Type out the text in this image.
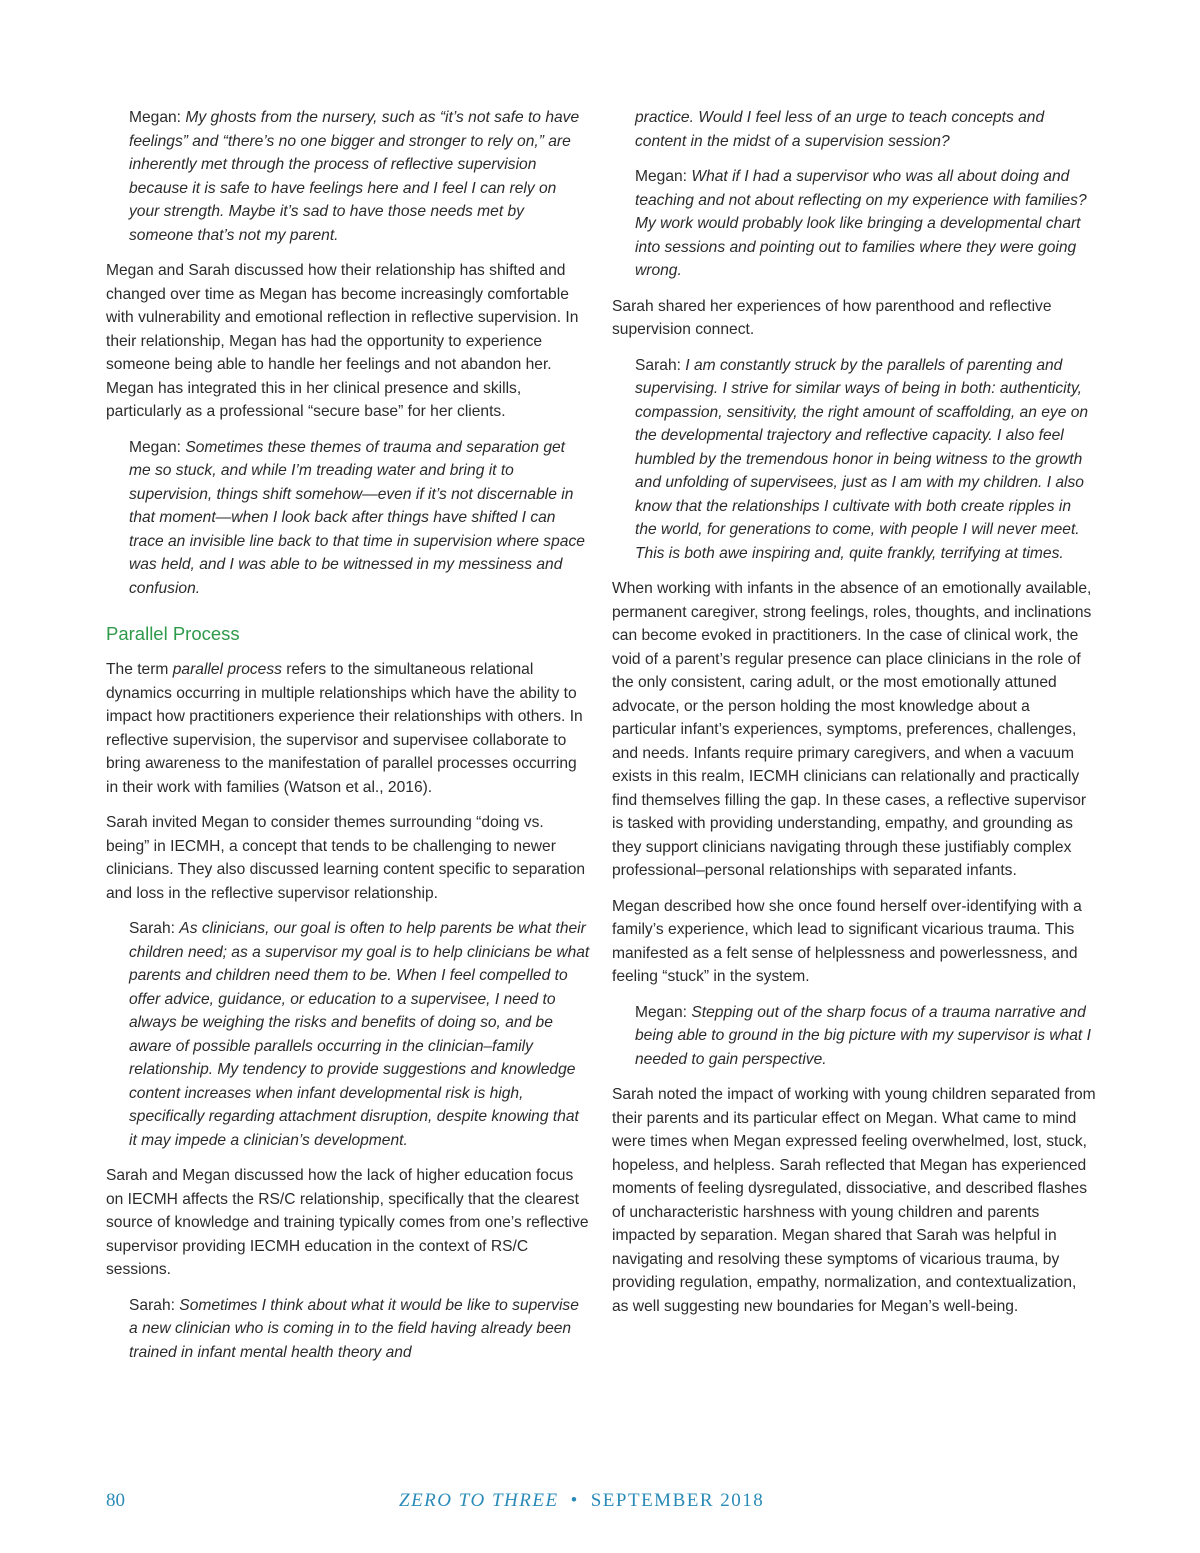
Megan: My ghosts from the nursery, such as “it’s not safe to have feelings” and “there’s no one bigger and stronger to rely on,” are inherently met through the process of reflective supervision because it is safe to have feelings here and I feel I can rely on your strength. Maybe it’s sad to have those needs met by someone that’s not my parent.

Megan and Sarah discussed how their relationship has shifted and changed over time as Megan has become increasingly comfortable with vulnerability and emotional reflection in reflective supervision. In their relationship, Megan has had the opportunity to experience someone being able to handle her feelings and not abandon her. Megan has integrated this in her clinical presence and skills, particularly as a professional “secure base” for her clients.

Megan: Sometimes these themes of trauma and separation get me so stuck, and while I’m treading water and bring it to supervision, things shift somehow—even if it’s not discernable in that moment—when I look back after things have shifted I can trace an invisible line back to that time in supervision where space was held, and I was able to be witnessed in my messiness and confusion.

Parallel Process

The term parallel process refers to the simultaneous relational dynamics occurring in multiple relationships which have the ability to impact how practitioners experience their relationships with others. In reflective supervision, the supervisor and supervisee collaborate to bring awareness to the manifestation of parallel processes occurring in their work with families (Watson et al., 2016).

Sarah invited Megan to consider themes surrounding “doing vs. being” in IECMH, a concept that tends to be challenging to newer clinicians. They also discussed learning content specific to separation and loss in the reflective supervisor relationship.

Sarah: As clinicians, our goal is often to help parents be what their children need; as a supervisor my goal is to help clinicians be what parents and children need them to be. When I feel compelled to offer advice, guidance, or education to a supervisee, I need to always be weighing the risks and benefits of doing so, and be aware of possible parallels occurring in the clinician–family relationship. My tendency to provide suggestions and knowledge content increases when infant developmental risk is high, specifically regarding attachment disruption, despite knowing that it may impede a clinician’s development.

Sarah and Megan discussed how the lack of higher education focus on IECMH affects the RS/C relationship, specifically that the clearest source of knowledge and training typically comes from one’s reflective supervisor providing IECMH education in the context of RS/C sessions.

Sarah: Sometimes I think about what it would be like to supervise a new clinician who is coming in to the field having already been trained in infant mental health theory and

practice. Would I feel less of an urge to teach concepts and content in the midst of a supervision session?

Megan: What if I had a supervisor who was all about doing and teaching and not about reflecting on my experience with families? My work would probably look like bringing a developmental chart into sessions and pointing out to families where they were going wrong.

Sarah shared her experiences of how parenthood and reflective supervision connect.

Sarah: I am constantly struck by the parallels of parenting and supervising. I strive for similar ways of being in both: authenticity, compassion, sensitivity, the right amount of scaffolding, an eye on the developmental trajectory and reflective capacity. I also feel humbled by the tremendous honor in being witness to the growth and unfolding of supervisees, just as I am with my children. I also know that the relationships I cultivate with both create ripples in the world, for generations to come, with people I will never meet. This is both awe inspiring and, quite frankly, terrifying at times.

When working with infants in the absence of an emotionally available, permanent caregiver, strong feelings, roles, thoughts, and inclinations can become evoked in practitioners. In the case of clinical work, the void of a parent’s regular presence can place clinicians in the role of the only consistent, caring adult, or the most emotionally attuned advocate, or the person holding the most knowledge about a particular infant’s experiences, symptoms, preferences, challenges, and needs. Infants require primary caregivers, and when a vacuum exists in this realm, IECMH clinicians can relationally and practically find themselves filling the gap. In these cases, a reflective supervisor is tasked with providing understanding, empathy, and grounding as they support clinicians navigating through these justifiably complex professional–personal relationships with separated infants.

Megan described how she once found herself over-identifying with a family’s experience, which lead to significant vicarious trauma. This manifested as a felt sense of helplessness and powerlessness, and feeling “stuck” in the system.

Megan: Stepping out of the sharp focus of a trauma narrative and being able to ground in the big picture with my supervisor is what I needed to gain perspective.

Sarah noted the impact of working with young children separated from their parents and its particular effect on Megan. What came to mind were times when Megan expressed feeling overwhelmed, lost, stuck, hopeless, and helpless. Sarah reflected that Megan has experienced moments of feeling dysregulated, dissociative, and described flashes of uncharacteristic harshness with young children and parents impacted by separation. Megan shared that Sarah was helpful in navigating and resolving these symptoms of vicarious trauma, by providing regulation, empathy, normalization, and contextualization, as well suggesting new boundaries for Megan’s well-being.

80	ZERO TO THREE • SEPTEMBER 2018
